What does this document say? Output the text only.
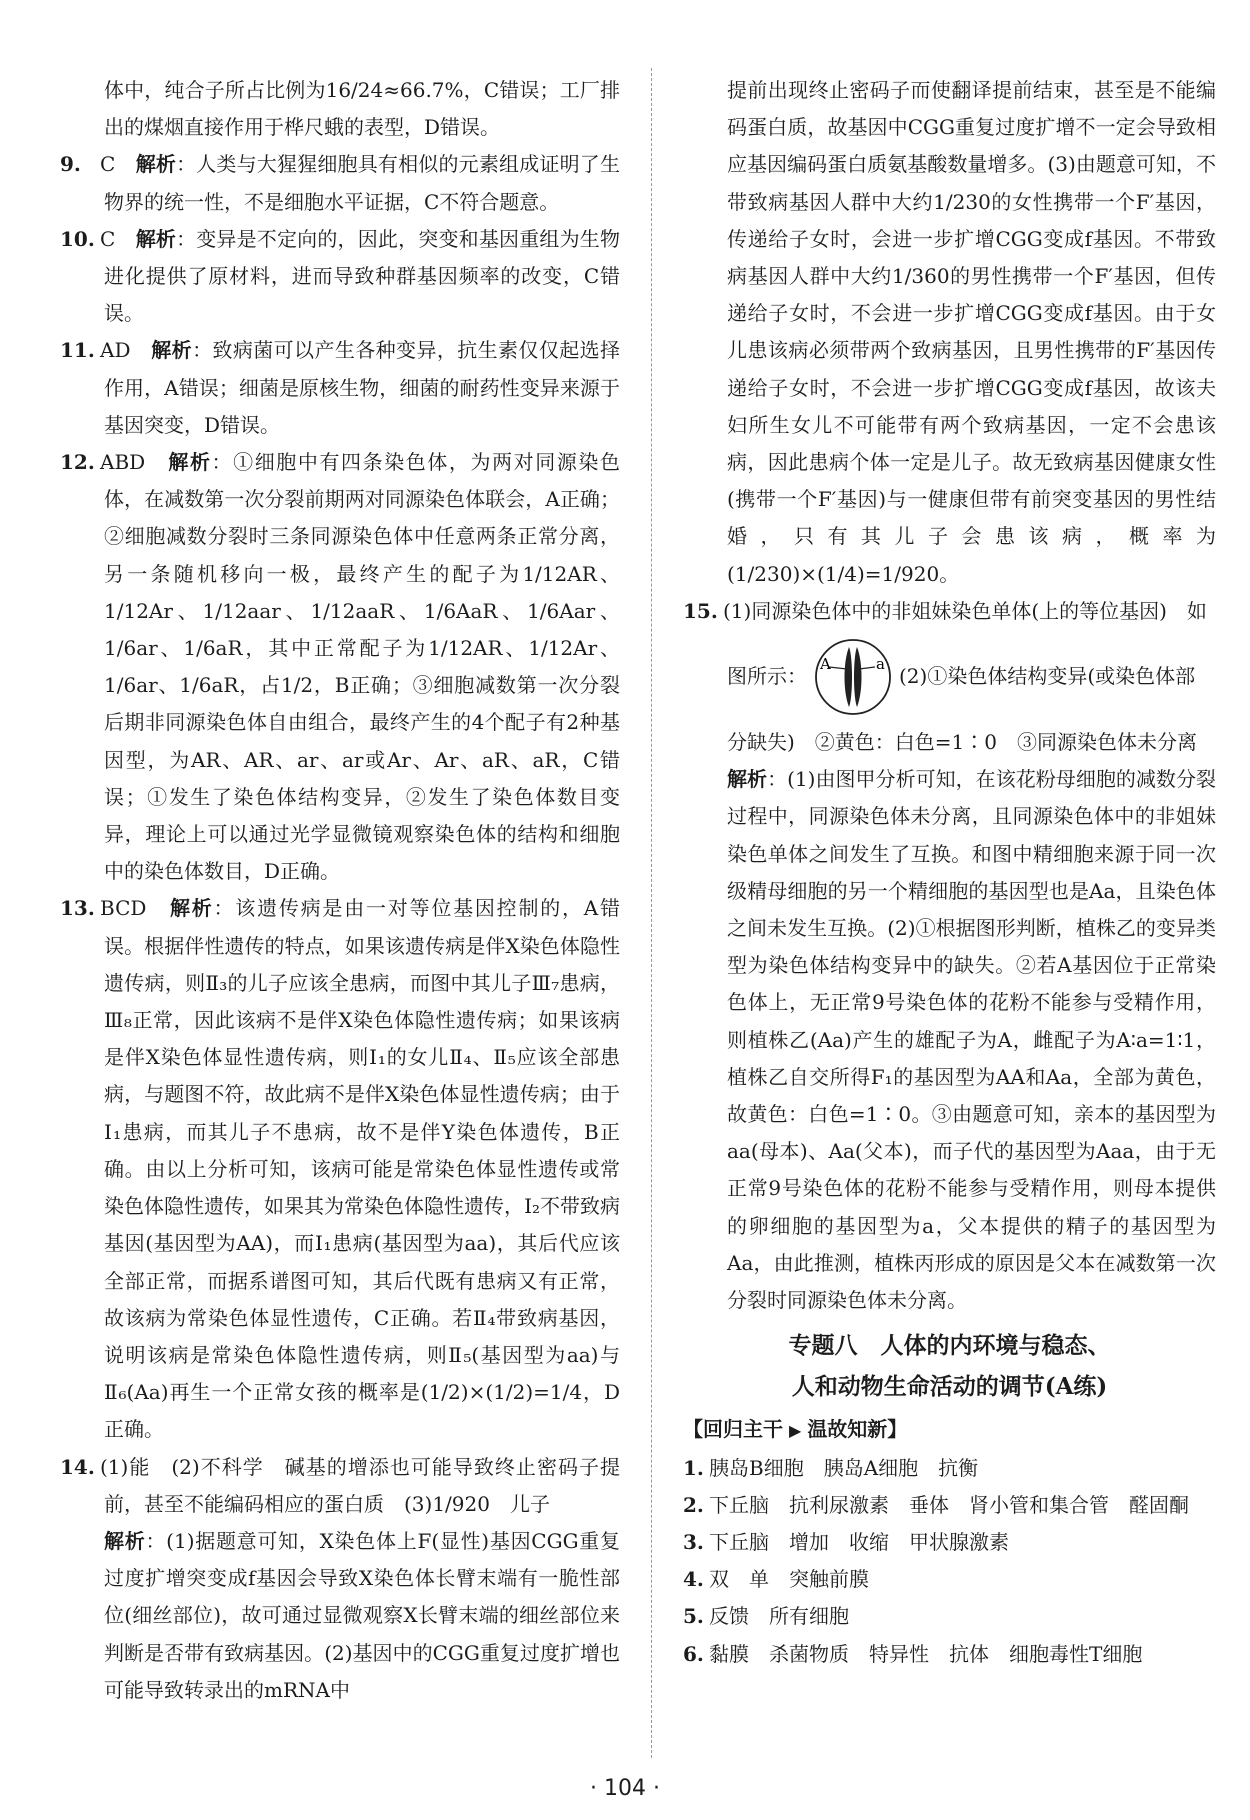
体中，纯合子所占比例为16/24≈66.7%，C错误；工厂排出的煤烟直接作用于桦尺蛾的表型，D错误。

9. C　 解析：人类与大猩猩细胞具有相似的元素组成证明了生物界的统一性，不是细胞水平证据，C不符合题意。

10. C　 解析：变异是不定向的，因此，突变和基因重组为生物进化提供了原材料，进而导致种群基因频率的改变，C错误。

11. AD　 解析：致病菌可以产生各种变异，抗生素仅仅起选择作用，A错误；细菌是原核生物，细菌的耐药性变异来源于基因突变，D错误。

12. ABD　 解析：①细胞中有四条染色体，为两对同源染色体，在减数第一次分裂前期两对同源染色体联会，A正确；②细胞减数分裂时三条同源染色体中任意两条正常分离，另一条随机移向一极，最终产生的配子为1/12AR、1/12Ar、1/12aar、1/12aaR、1/6AaR、1/6Aar、1/6ar、1/6aR，其中正常配子为1/12AR、1/12Ar、1/6ar、1/6aR，占1/2，B正确；③细胞减数第一次分裂后期非同源染色体自由组合，最终产生的4个配子有2种基因型，为AR、AR、ar、ar或Ar、Ar、aR、aR，C错误；①发生了染色体结构变异，②发生了染色体数目变异，理论上可以通过光学显微镜观察染色体的结构和细胞中的染色体数目，D正确。

13. BCD　 解析：该遗传病是由一对等位基因控制的，A错误。根据伴性遗传的特点，如果该遗传病是伴X染色体隐性遗传病，则Ⅱ₃的儿子应该全患病，而图中其儿子Ⅲ₇患病，Ⅲ₈正常，因此该病不是伴X染色体隐性遗传病；如果该病是伴X染色体显性遗传病，则Ⅰ₁的女儿Ⅱ₄、Ⅱ₅应该全部患病，与题图不符，故此病不是伴X染色体显性遗传病；由于Ⅰ₁患病，而其儿子不患病，故不是伴Y染色体遗传，B正确。由以上分析可知，该病可能是常染色体显性遗传或常染色体隐性遗传，如果其为常染色体隐性遗传，Ⅰ₂不带致病基因(基因型为AA)，而Ⅰ₁患病(基因型为aa)，其后代应该全部正常，而据系谱图可知，其后代既有患病又有正常，故该病为常染色体显性遗传，C正确。若Ⅱ₄带致病基因，说明该病是常染色体隐性遗传病，则Ⅱ₅(基因型为aa)与Ⅱ₆(Aa)再生一个正常女孩的概率是(1/2)×(1/2)=1/4，D正确。

14. (1)能　(2)不科学　碱基的增添也可能导致终止密码子提前，甚至不能编码相应的蛋白质　(3)1/920　儿子

解析：(1)据题意可知，X染色体上F(显性)基因CGG重复过度扩增突变成f基因会导致X染色体长臂末端有一脆性部位(细丝部位)，故可通过显微观察X长臂末端的细丝部位来判断是否带有致病基因。(2)基因中的CGG重复过度扩增也可能导致转录出的mRNA中

提前出现终止密码子而使翻译提前结束，甚至是不能编码蛋白质，故基因中CGG重复过度扩增不一定会导致相应基因编码蛋白质氨基酸数量增多。(3)由题意可知，不带致病基因人群中大约1/230的女性携带一个F′基因，传递给子女时，会进一步扩增CGG变成f基因。不带致病基因人群中大约1/360的男性携带一个F′基因，但传递给子女时，不会进一步扩增CGG变成f基因。由于女儿患该病必须带两个致病基因，且男性携带的F′基因传递给子女时，不会进一步扩增CGG变成f基因，故该夫妇所生女儿不可能带有两个致病基因，一定不会患该病，因此患病个体一定是儿子。故无致病基因健康女性(携带一个F′基因)与一健康但带有前突变基因的男性结婚，只有其儿子会患该病，概率为(1/230)×(1/4)=1/920。

15. (1)同源染色体中的非姐妹染色单体(上的等位基因)　如

图所示：
A	a
(2)①染色体结构变异(或染色体部

分缺失)　②黄色：白色=1∶0　③同源染色体未分离

解析：(1)由图甲分析可知，在该花粉母细胞的减数分裂过程中，同源染色体未分离，且同源染色体中的非姐妹染色单体之间发生了互换。和图中精细胞来源于同一次级精母细胞的另一个精细胞的基因型也是Aa，且染色体之间未发生互换。(2)①根据图形判断，植株乙的变异类型为染色体结构变异中的缺失。②若A基因位于正常染色体上，无正常9号染色体的花粉不能参与受精作用，则植株乙(Aa)产生的雄配子为A，雌配子为A∶a=1∶1，植株乙自交所得F₁的基因型为AA和Aa，全部为黄色，故黄色：白色=1∶0。③由题意可知，亲本的基因型为aa(母本)、Aa(父本)，而子代的基因型为Aaa，由于无正常9号染色体的花粉不能参与受精作用，则母本提供的卵细胞的基因型为a，父本提供的精子的基因型为Aa，由此推测，植株丙形成的原因是父本在减数第一次分裂时同源染色体未分离。

专题八　人体的内环境与稳态、

人和动物生命活动的调节(A练)

【回归主干 ▶ 温故知新】

1. 胰岛B细胞　胰岛A细胞　抗衡

2. 下丘脑　抗利尿激素　垂体　肾小管和集合管　醛固酮

3. 下丘脑　增加　收缩　甲状腺激素

4. 双　单　突触前膜

5. 反馈　所有细胞

6. 黏膜　杀菌物质　特异性　抗体　细胞毒性T细胞

· 104 ·
